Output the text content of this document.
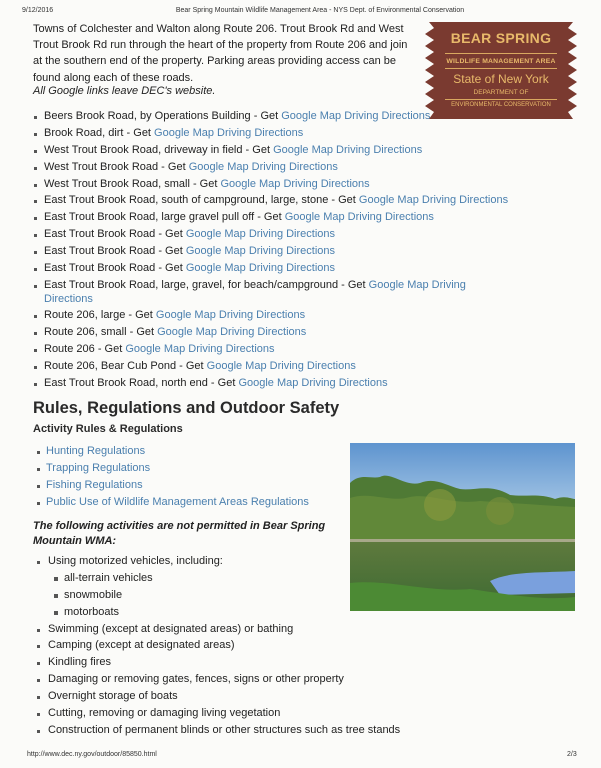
9/12/2016	Bear Spring Mountain Wildlife Management Area - NYS Dept. of Environmental Conservation

Towns of Colchester and Walton along Route 206. Trout Brook Rd and West Trout Brook Rd run through the heart of the property from Route 206 and join at the southern end of the property. Parking areas providing access can be found along each of these roads.

All Google links leave DEC's website.

BEAR SPRING
WILDLIFE MANAGEMENT AREA
State of New York
DEPARTMENT OF
ENVIRONMENTAL CONSERVATION
Beers Brook Road, by Operations Building - Get Google Map Driving Directions
Brook Road, dirt - Get Google Map Driving Directions
West Trout Brook Road, driveway in field - Get Google Map Driving Directions
West Trout Brook Road - Get Google Map Driving Directions
West Trout Brook Road, small - Get Google Map Driving Directions
East Trout Brook Road, south of campground, large, stone - Get Google Map Driving Directions
East Trout Brook Road, large gravel pull off - Get Google Map Driving Directions
East Trout Brook Road - Get Google Map Driving Directions
East Trout Brook Road - Get Google Map Driving Directions
East Trout Brook Road - Get Google Map Driving Directions
East Trout Brook Road, large, gravel, for beach/campground - Get Google Map Driving Directions
Route 206, large - Get Google Map Driving Directions
Route 206, small - Get Google Map Driving Directions
Route 206 - Get Google Map Driving Directions
Route 206, Bear Cub Pond - Get Google Map Driving Directions
East Trout Brook Road, north end - Get Google Map Driving Directions
Rules, Regulations and Outdoor Safety
Activity Rules & Regulations
Hunting Regulations
Trapping Regulations
Fishing Regulations
Public Use of Wildlife Management Areas Regulations
The following activities are not permitted in Bear Spring Mountain WMA:
Using motorized vehicles, including:
all-terrain vehicles
snowmobile
motorboats
Swimming (except at designated areas) or bathing
Camping (except at designated areas)
Kindling fires
Damaging or removing gates, fences, signs or other property
Overnight storage of boats
Cutting, removing or damaging living vegetation
Construction of permanent blinds or other structures such as tree stands
http://www.dec.ny.gov/outdoor/85850.html	2/3
